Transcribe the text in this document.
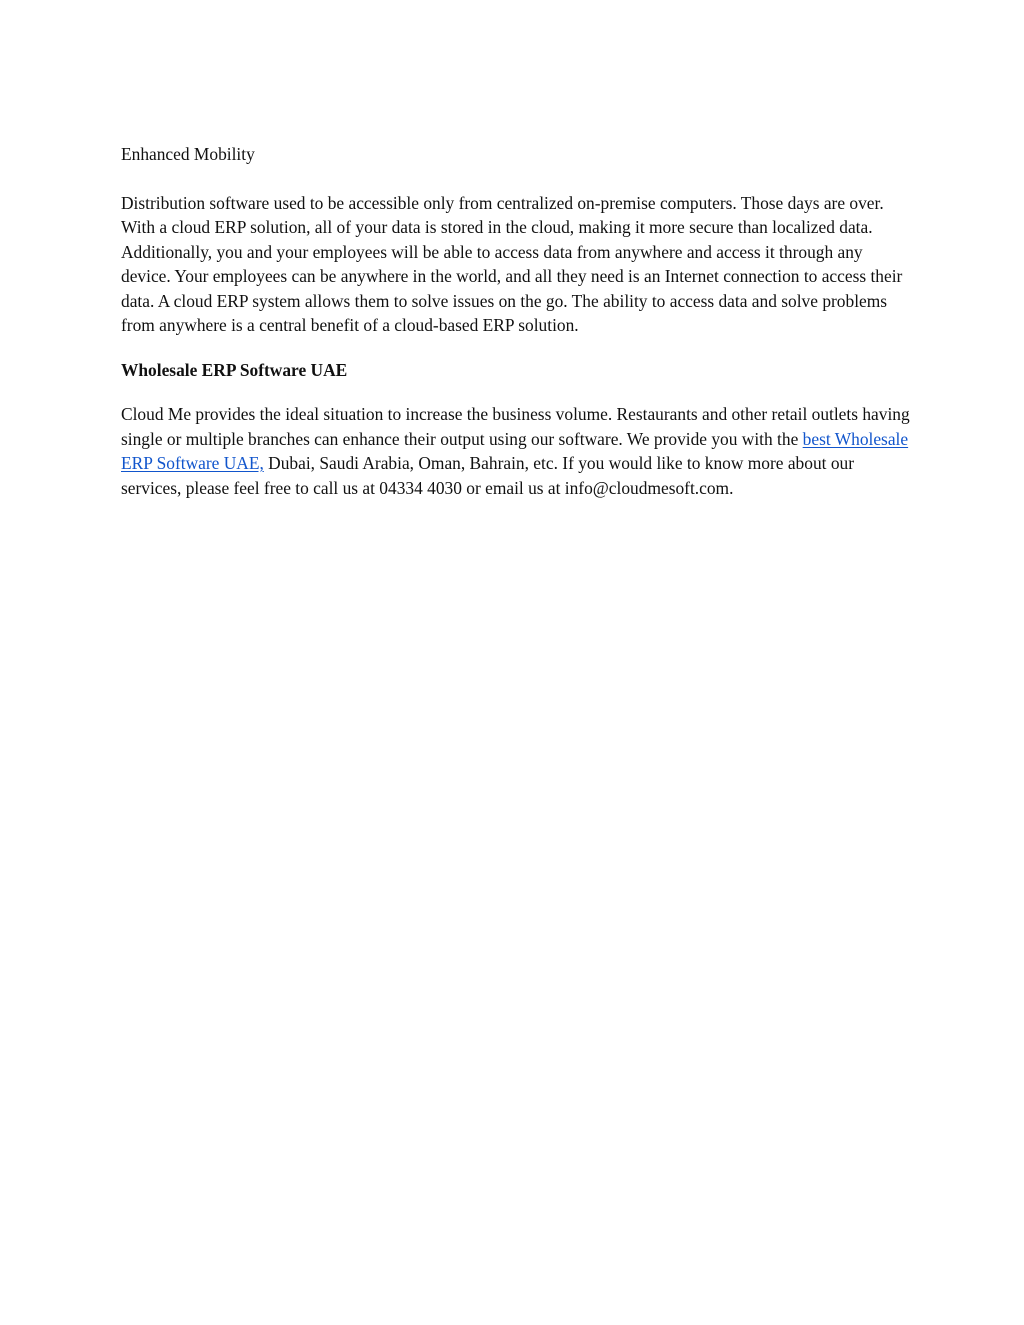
Enhanced Mobility

Distribution software used to be accessible only from centralized on-premise computers. Those days are over. With a cloud ERP solution, all of your data is stored in the cloud, making it more secure than localized data. Additionally, you and your employees will be able to access data from anywhere and access it through any device. Your employees can be anywhere in the world, and all they need is an Internet connection to access their data. A cloud ERP system allows them to solve issues on the go. The ability to access data and solve problems from anywhere is a central benefit of a cloud-based ERP solution.

Wholesale ERP Software UAE

Cloud Me provides the ideal situation to increase the business volume. Restaurants and other retail outlets having single or multiple branches can enhance their output using our software. We provide you with the best Wholesale ERP Software UAE, Dubai, Saudi Arabia, Oman, Bahrain, etc. If you would like to know more about our services, please feel free to call us at 04334 4030 or email us at info@cloudmesoft.com.
